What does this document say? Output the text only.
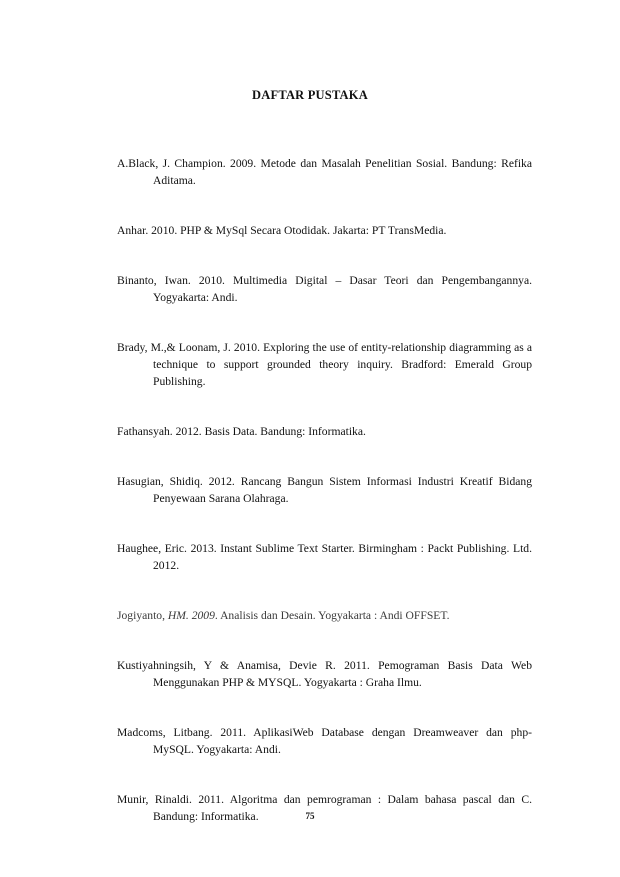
DAFTAR PUSTAKA

A.Black, J. Champion. 2009. Metode dan Masalah Penelitian Sosial. Bandung: Refika Aditama.

Anhar. 2010. PHP & MySql Secara Otodidak. Jakarta: PT TransMedia.

Binanto, Iwan. 2010. Multimedia Digital – Dasar Teori dan Pengembangannya. Yogyakarta: Andi.

Brady, M.,& Loonam, J. 2010. Exploring the use of entity-relationship diagramming as a technique to support grounded theory inquiry. Bradford: Emerald Group Publishing.

Fathansyah. 2012. Basis Data. Bandung: Informatika.

Hasugian, Shidiq. 2012. Rancang Bangun Sistem Informasi Industri Kreatif Bidang Penyewaan Sarana Olahraga.

Haughee, Eric. 2013. Instant Sublime Text Starter. Birmingham : Packt Publishing. Ltd. 2012.

Jogiyanto, HM. 2009. Analisis dan Desain. Yogyakarta : Andi OFFSET.

Kustiyahningsih, Y & Anamisa, Devie R. 2011. Pemograman Basis Data Web Menggunakan PHP & MYSQL. Yogyakarta : Graha Ilmu.

Madcoms, Litbang. 2011. AplikasiWeb Database dengan Dreamweaver dan php-MySQL. Yogyakarta: Andi.

Munir, Rinaldi. 2011. Algoritma dan pemrograman : Dalam bahasa pascal dan C. Bandung: Informatika.	75
